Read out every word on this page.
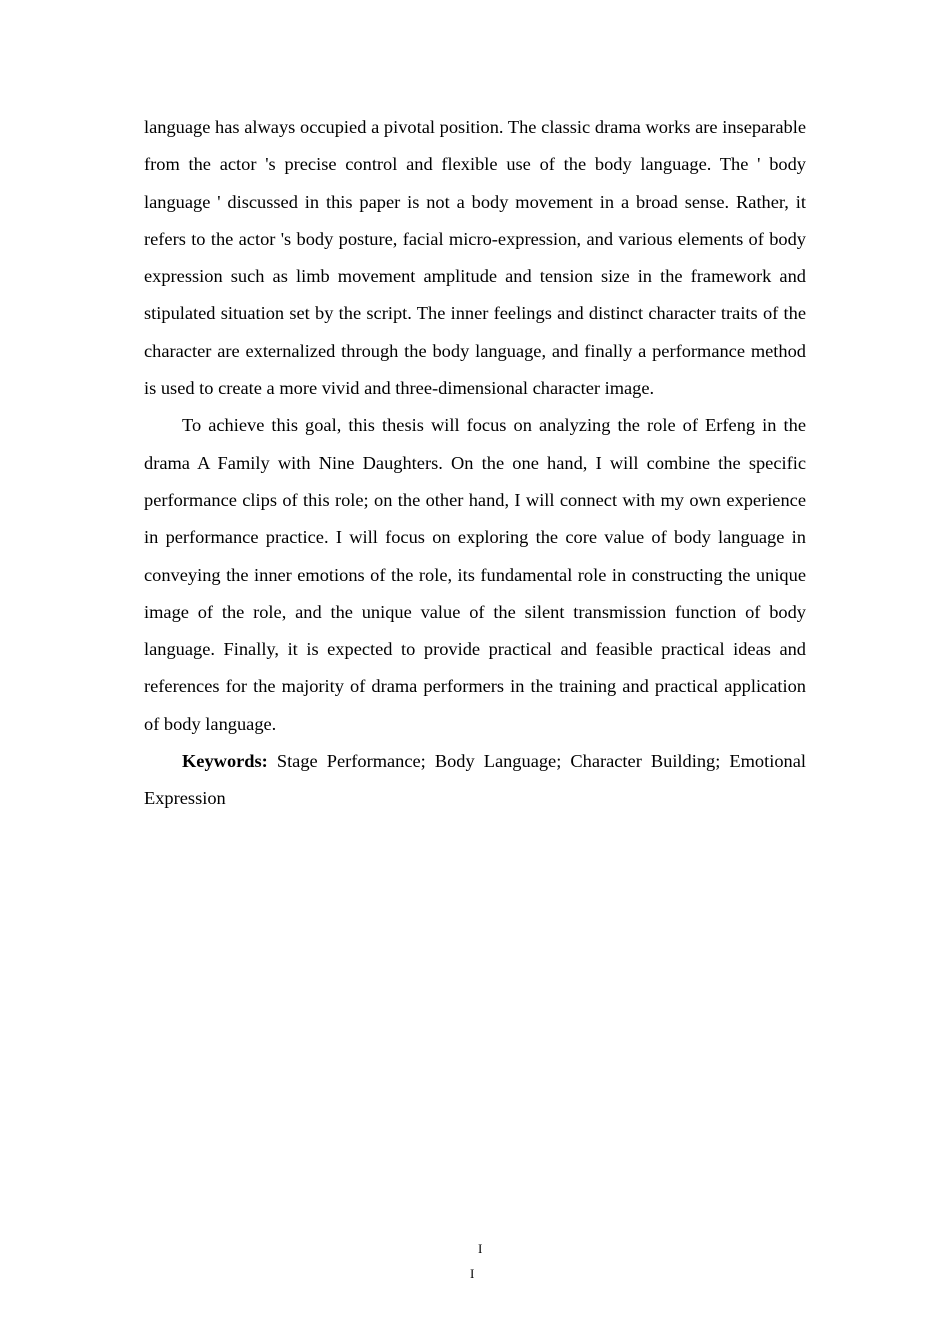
language has always occupied a pivotal position. The classic drama works are inseparable from the actor 's precise control and flexible use of the body language. The ' body language ' discussed in this paper is not a body movement in a broad sense. Rather, it refers to the actor 's body posture, facial micro-expression, and various elements of body expression such as limb movement amplitude and tension size in the framework and stipulated situation set by the script. The inner feelings and distinct character traits of the character are externalized through the body language, and finally a performance method is used to create a more vivid and three-dimensional character image.

To achieve this goal, this thesis will focus on analyzing the role of Erfeng in the drama A Family with Nine Daughters. On the one hand, I will combine the specific performance clips of this role; on the other hand, I will connect with my own experience in performance practice. I will focus on exploring the core value of body language in conveying the inner emotions of the role, its fundamental role in constructing the unique image of the role, and the unique value of the silent transmission function of body language. Finally, it is expected to provide practical and feasible practical ideas and references for the majority of drama performers in the training and practical application of body language.

Keywords: Stage Performance; Body Language; Character Building; Emotional Expression

I
I
